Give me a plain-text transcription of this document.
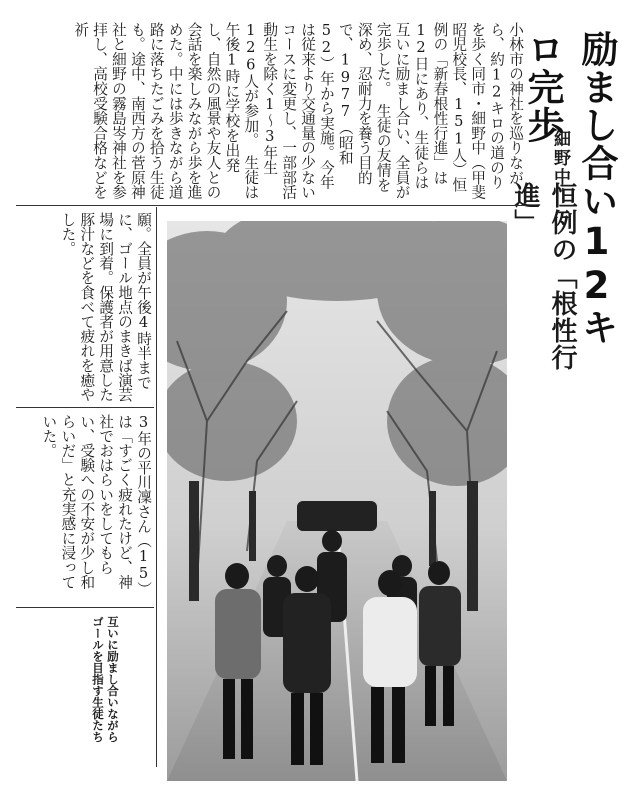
励まし合い12キロ完歩
細野中
恒例の「根性行進」
小林市の神社を巡りながら、約12キロの道のりを歩く同市・細野中（甲斐昭児校長、151人）恒例の「新春根性行進」は12日にあり、生徒らは互いに励まし合い、全員が完歩した。　生徒の友情を深め、忍耐力を養う目的で、1977（昭和52）年から実施。今年は従来より交通量の少ないコースに変更し、一部部活動生を除く1～3年生126人が参加。　生徒は午後1時に学校を出発し、自然の風景や友人との会話を楽しみながら歩を進めた。中には歩きながら道路に落ちたごみを拾う生徒も。途中、南西方の菅原神社と細野の霧島岑神社を参拝し、高校受験合格などを祈
願。全員が午後4時半までに、ゴール地点のまきば演芸場に到着。保護者が用意した豚汁などを食べて疲れを癒やした。
3年の平川凜さん（15）は「すごく疲れたけど、神社でおはらいをしてもらい、受験への不安が少し和らいだ」と充実感に浸っていた。
互いに励まし合いながらゴールを目指す生徒たち
